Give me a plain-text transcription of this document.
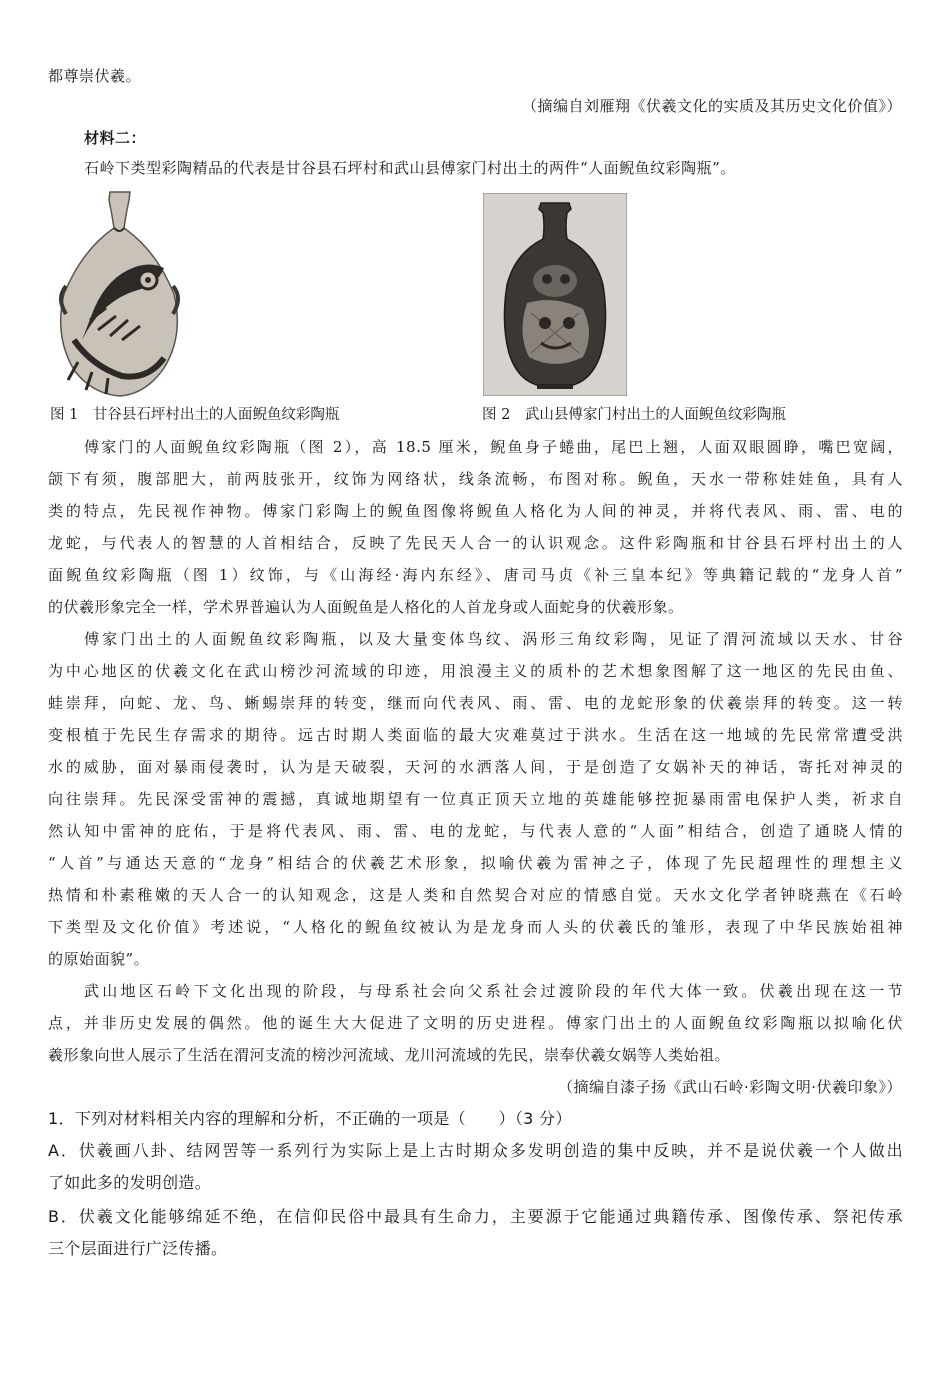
都尊崇伏羲。
（摘编自刘雁翔《伏羲文化的实质及其历史文化价值》）
材料二：
石岭下类型彩陶精品的代表是甘谷县石坪村和武山县傅家门村出土的两件“人面鲵鱼纹彩陶瓶”。
图 1　甘谷县石坪村出土的人面鲵鱼纹彩陶瓶	图 2　武山县傅家门村出土的人面鲵鱼纹彩陶瓶
傅家门的人面鲵鱼纹彩陶瓶（图 2），高 18.5 厘米，鲵鱼身子蜷曲，尾巴上翘，人面双眼圆睁，嘴巴宽阔，
颌下有须，腹部肥大，前两肢张开，纹饰为网络状，线条流畅，布图对称。鲵鱼，天水一带称娃娃鱼，具有人
类的特点，先民视作神物。傅家门彩陶上的鲵鱼图像将鲵鱼人格化为人间的神灵，并将代表风、雨、雷、电的
龙蛇，与代表人的智慧的人首相结合，反映了先民天人合一的认识观念。这件彩陶瓶和甘谷县石坪村出土的人
面鲵鱼纹彩陶瓶（图 1）纹饰，与《山海经·海内东经》、唐司马贞《补三皇本纪》等典籍记载的“龙身人首”
的伏羲形象完全一样，学术界普遍认为人面鲵鱼是人格化的人首龙身或人面蛇身的伏羲形象。
傅家门出土的人面鲵鱼纹彩陶瓶，以及大量变体鸟纹、涡形三角纹彩陶，见证了渭河流域以天水、甘谷
为中心地区的伏羲文化在武山榜沙河流域的印迹，用浪漫主义的质朴的艺术想象图解了这一地区的先民由鱼、
蛙崇拜，向蛇、龙、鸟、蜥蜴崇拜的转变，继而向代表风、雨、雷、电的龙蛇形象的伏羲崇拜的转变。这一转
变根植于先民生存需求的期待。远古时期人类面临的最大灾难莫过于洪水。生活在这一地域的先民常常遭受洪
水的威胁，面对暴雨侵袭时，认为是天破裂，天河的水洒落人间，于是创造了女娲补天的神话，寄托对神灵的
向往崇拜。先民深受雷神的震撼，真诚地期望有一位真正顶天立地的英雄能够控扼暴雨雷电保护人类，祈求自
然认知中雷神的庇佑，于是将代表风、雨、雷、电的龙蛇，与代表人意的“人面”相结合，创造了通晓人情的
“人首”与通达天意的“龙身”相结合的伏羲艺术形象，拟喻伏羲为雷神之子，体现了先民超理性的理想主义
热情和朴素稚嫩的天人合一的认知观念，这是人类和自然契合对应的情感自觉。天水文化学者钟晓燕在《石岭
下类型及文化价值》考述说，“人格化的鲵鱼纹被认为是龙身而人头的伏羲氏的雏形，表现了中华民族始祖神
的原始面貌”。
武山地区石岭下文化出现的阶段，与母系社会向父系社会过渡阶段的年代大体一致。伏羲出现在这一节
点，并非历史发展的偶然。他的诞生大大促进了文明的历史进程。傅家门出土的人面鲵鱼纹彩陶瓶以拟喻化伏
羲形象向世人展示了生活在渭河支流的榜沙河流域、龙川河流域的先民，崇奉伏羲女娲等人类始祖。
（摘编自漆子扬《武山石岭·彩陶文明·伏羲印象》）
1．下列对材料相关内容的理解和分析，不正确的一项是（　　）（3 分）
A．伏羲画八卦、结网罟等一系列行为实际上是上古时期众多发明创造的集中反映，并不是说伏羲一个人做出
了如此多的发明创造。
B．伏羲文化能够绵延不绝，在信仰民俗中最具有生命力，主要源于它能通过典籍传承、图像传承、祭祀传承
三个层面进行广泛传播。
